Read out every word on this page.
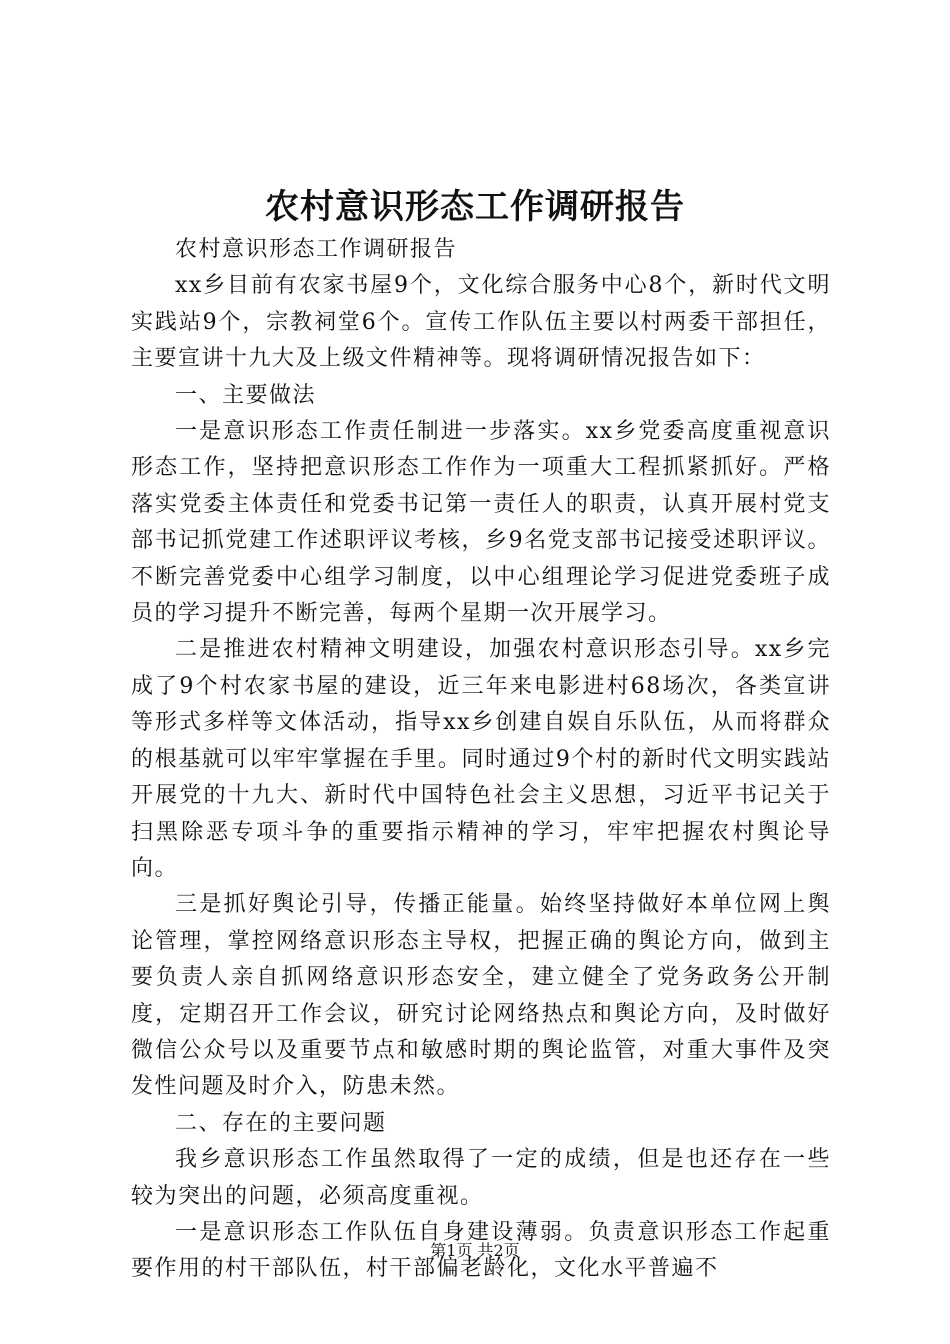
农村意识形态工作调研报告

农村意识形态工作调研报告

xx乡目前有农家书屋9个，文化综合服务中心8个，新时代文明实践站9个，宗教祠堂6个。宣传工作队伍主要以村两委干部担任，主要宣讲十九大及上级文件精神等。现将调研情况报告如下：

一、主要做法

一是意识形态工作责任制进一步落实。xx乡党委高度重视意识形态工作，坚持把意识形态工作作为一项重大工程抓紧抓好。严格落实党委主体责任和党委书记第一责任人的职责，认真开展村党支部书记抓党建工作述职评议考核，乡9名党支部书记接受述职评议。不断完善党委中心组学习制度，以中心组理论学习促进党委班子成员的学习提升不断完善，每两个星期一次开展学习。

二是推进农村精神文明建设，加强农村意识形态引导。xx乡完成了9个村农家书屋的建设，近三年来电影进村68场次，各类宣讲等形式多样等文体活动，指导xx乡创建自娱自乐队伍，从而将群众的根基就可以牢牢掌握在手里。同时通过9个村的新时代文明实践站开展党的十九大、新时代中国特色社会主义思想，习近平书记关于扫黑除恶专项斗争的重要指示精神的学习，牢牢把握农村舆论导向。

三是抓好舆论引导，传播正能量。始终坚持做好本单位网上舆论管理，掌控网络意识形态主导权，把握正确的舆论方向，做到主要负责人亲自抓网络意识形态安全，建立健全了党务政务公开制度，定期召开工作会议，研究讨论网络热点和舆论方向，及时做好微信公众号以及重要节点和敏感时期的舆论监管，对重大事件及突发性问题及时介入，防患未然。

二、存在的主要问题

我乡意识形态工作虽然取得了一定的成绩，但是也还存在一些较为突出的问题，必须高度重视。

一是意识形态工作队伍自身建设薄弱。负责意识形态工作起重要作用的村干部队伍，村干部偏老龄化，文化水平普遍不

第1页 共2页
